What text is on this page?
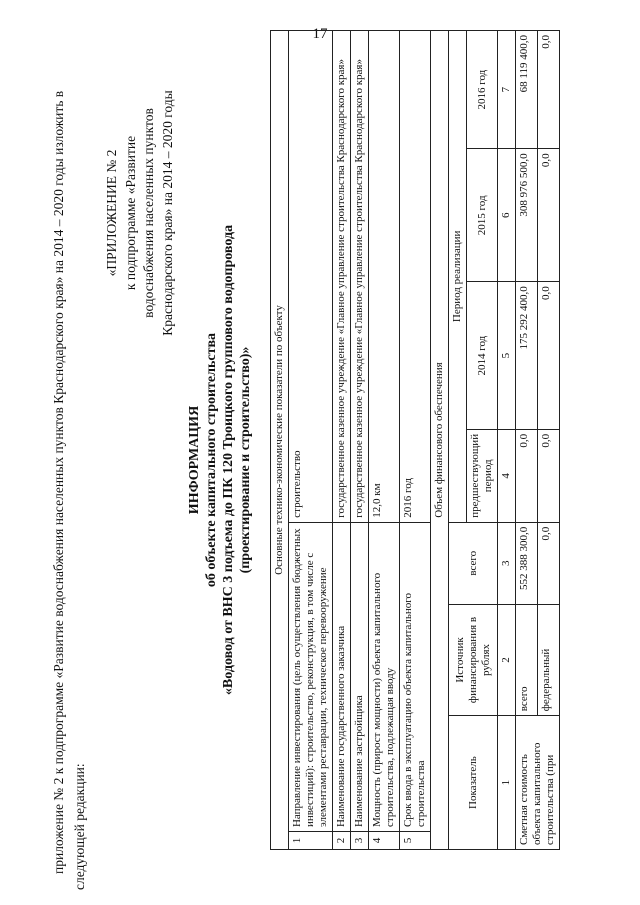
17
приложение № 2 к подпрограмме «Развитие водоснабжения населенных пунктов Краснодарского края» на 2014 – 2020 годы изложить в следующей редакции:
«ПРИЛОЖЕНИЕ № 2 к подпрограмме «Развитие водоснабжения населенных пунктов Краснодарского края» на 2014 – 2020 годы
ИНФОРМАЦИЯ об объекте капитального строительства «Водовод от ВНС 3 подъема до ПК 120 Троицкого группового водопровода (проектирование и строительство)» Основные технико-экономические показатели по объекту							
1	Направление инвестирования (цель осуществления бюджетных инвестиций): строительство, реконструкция, в том числе с элементами реставрации, техническое перевооружение			строительство			
2	Наименование государственного заказчика			государственное казенное учреждение «Главное управление строительства Краснодарского края»			
3	Наименование застройщика			государственное казенное учреждение «Главное управление строительства Краснодарского края»			
4	Мощность (прирост мощности) объекта капитального строительства, подлежащая вводу			12,0 км			
5	Срок ввода в эксплуатацию объекта капитального строительства			2016 год			
Объем финансового обеспечения							
Показатель		Источник финансирования в рублях	всего	Период реализации			
				предшествующий период	2014 год	2015 год	2016 год
1		2	3	4	5	6	7
Сметная стоимость объекта капитального строительства (при		всего	552 388 300,0	0,0	175 292 400,0	308 976 500,0	68 119 400,0
		федеральный	0,0	0,0	0,0	0,0	0,0
